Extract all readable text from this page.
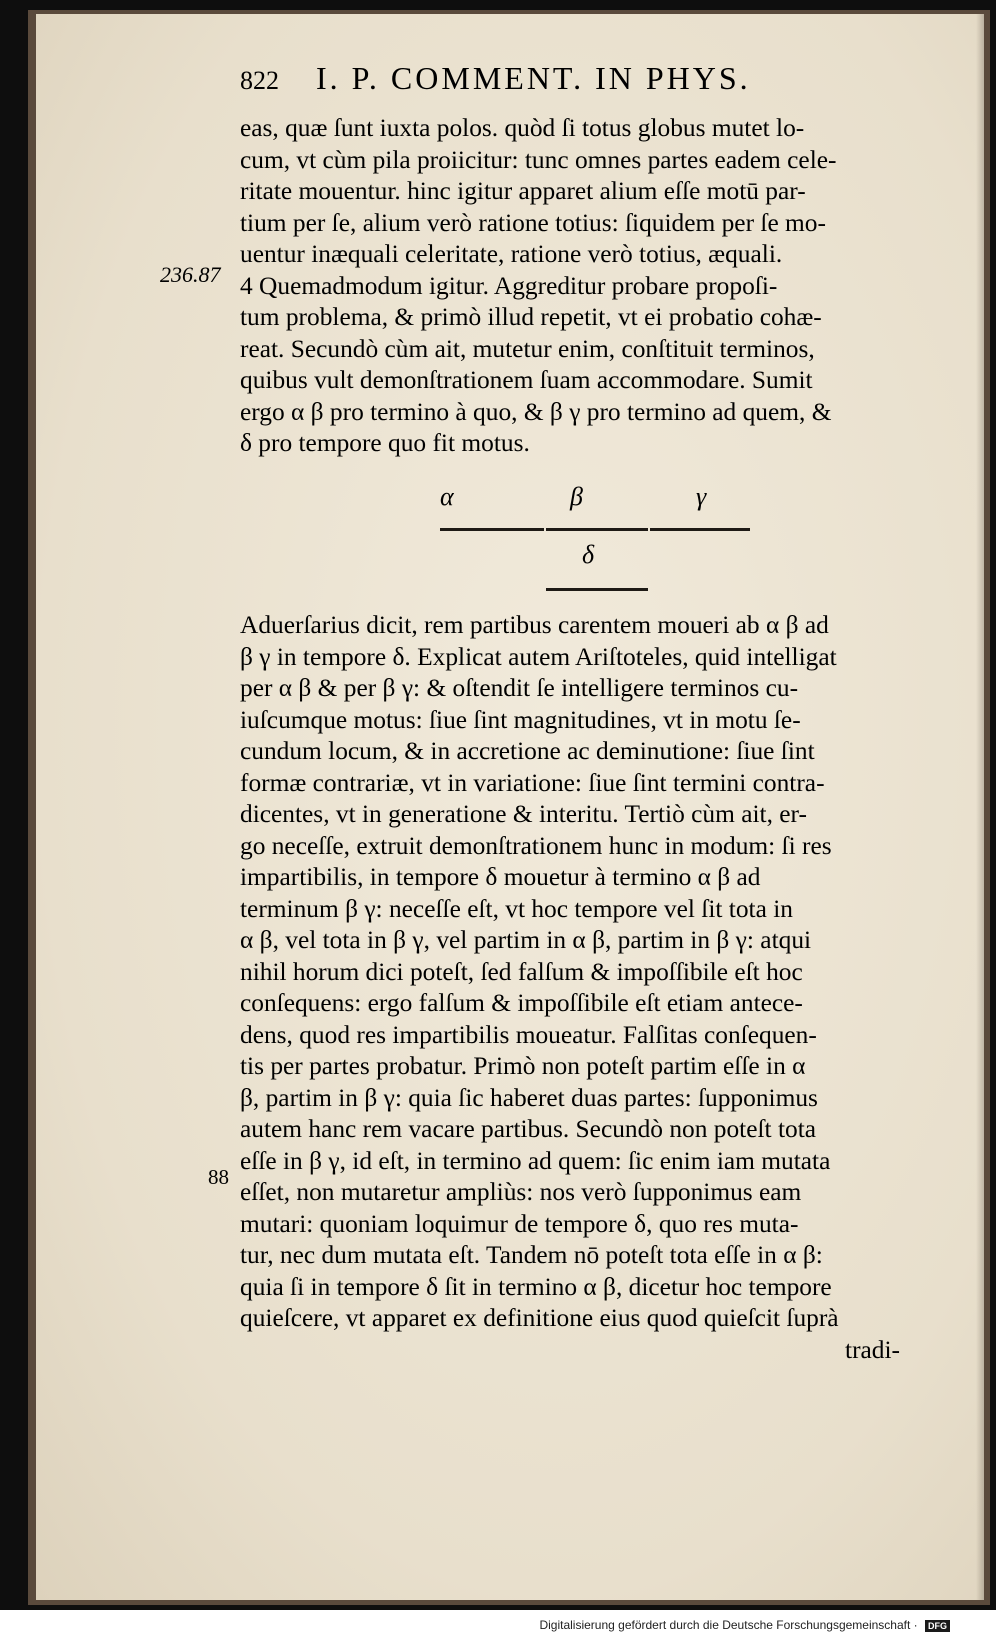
822 I. P. COMMENT. IN PHYS.
236.87
88
eas, quæ ſunt iuxta polos. quòd ſi totus globus mutet lo-
cum, vt cùm pila proiicitur: tunc omnes partes eadem cele-
ritate mouentur. hinc igitur apparet alium eſſe motū par-
tium per ſe, alium verò ratione totius: ſiquidem per ſe mo-
uentur inæquali celeritate, ratione verò totius, æquali.
4 Quemadmodum igitur. Aggreditur probare propoſi-
tum problema, & primò illud repetit, vt ei probatio cohæ-
reat. Secundò cùm ait, mutetur enim, conſtituit terminos,
quibus vult demonſtrationem ſuam accommodare. Sumit
ergo α β pro termino à quo, & β γ pro termino ad quem, &
δ pro tempore quo fit motus.
α	β	γ
δ
Aduerſarius dicit, rem partibus carentem moueri ab α β ad
β γ in tempore δ. Explicat autem Ariſtoteles, quid intelligat
per α β & per β γ: & oſtendit ſe intelligere terminos cu-
iuſcumque motus: ſiue ſint magnitudines, vt in motu ſe-
cundum locum, & in accretione ac deminutione: ſiue ſint
formæ contrariæ, vt in variatione: ſiue ſint termini contra-
dicentes, vt in generatione & interitu. Tertiò cùm ait, er-
go neceſſe, extruit demonſtrationem hunc in modum: ſi res
impartibilis, in tempore δ mouetur à termino α β ad
terminum β γ: neceſſe eſt, vt hoc tempore vel ſit tota in
α β, vel tota in β γ, vel partim in α β, partim in β γ: atqui
nihil horum dici poteſt, ſed falſum & impoſſibile eſt hoc
conſequens: ergo falſum & impoſſibile eſt etiam antece-
dens, quod res impartibilis moueatur. Falſitas conſequen-
tis per partes probatur. Primò non poteſt partim eſſe in α
β, partim in β γ: quia ſic haberet duas partes: ſupponimus
autem hanc rem vacare partibus. Secundò non poteſt tota
eſſe in β γ, id eſt, in termino ad quem: ſic enim iam mutata
eſſet, non mutaretur ampliùs: nos verò ſupponimus eam
mutari: quoniam loquimur de tempore δ, quo res muta-
tur, nec dum mutata eſt. Tandem nō poteſt tota eſſe in α β:
quia ſi in tempore δ ſit in termino α β, dicetur hoc tempore
quieſcere, vt apparet ex definitione eius quod quieſcit ſuprà
tradi-
Digitalisierung gefördert durch die Deutsche Forschungsgemeinschaft · DFG
